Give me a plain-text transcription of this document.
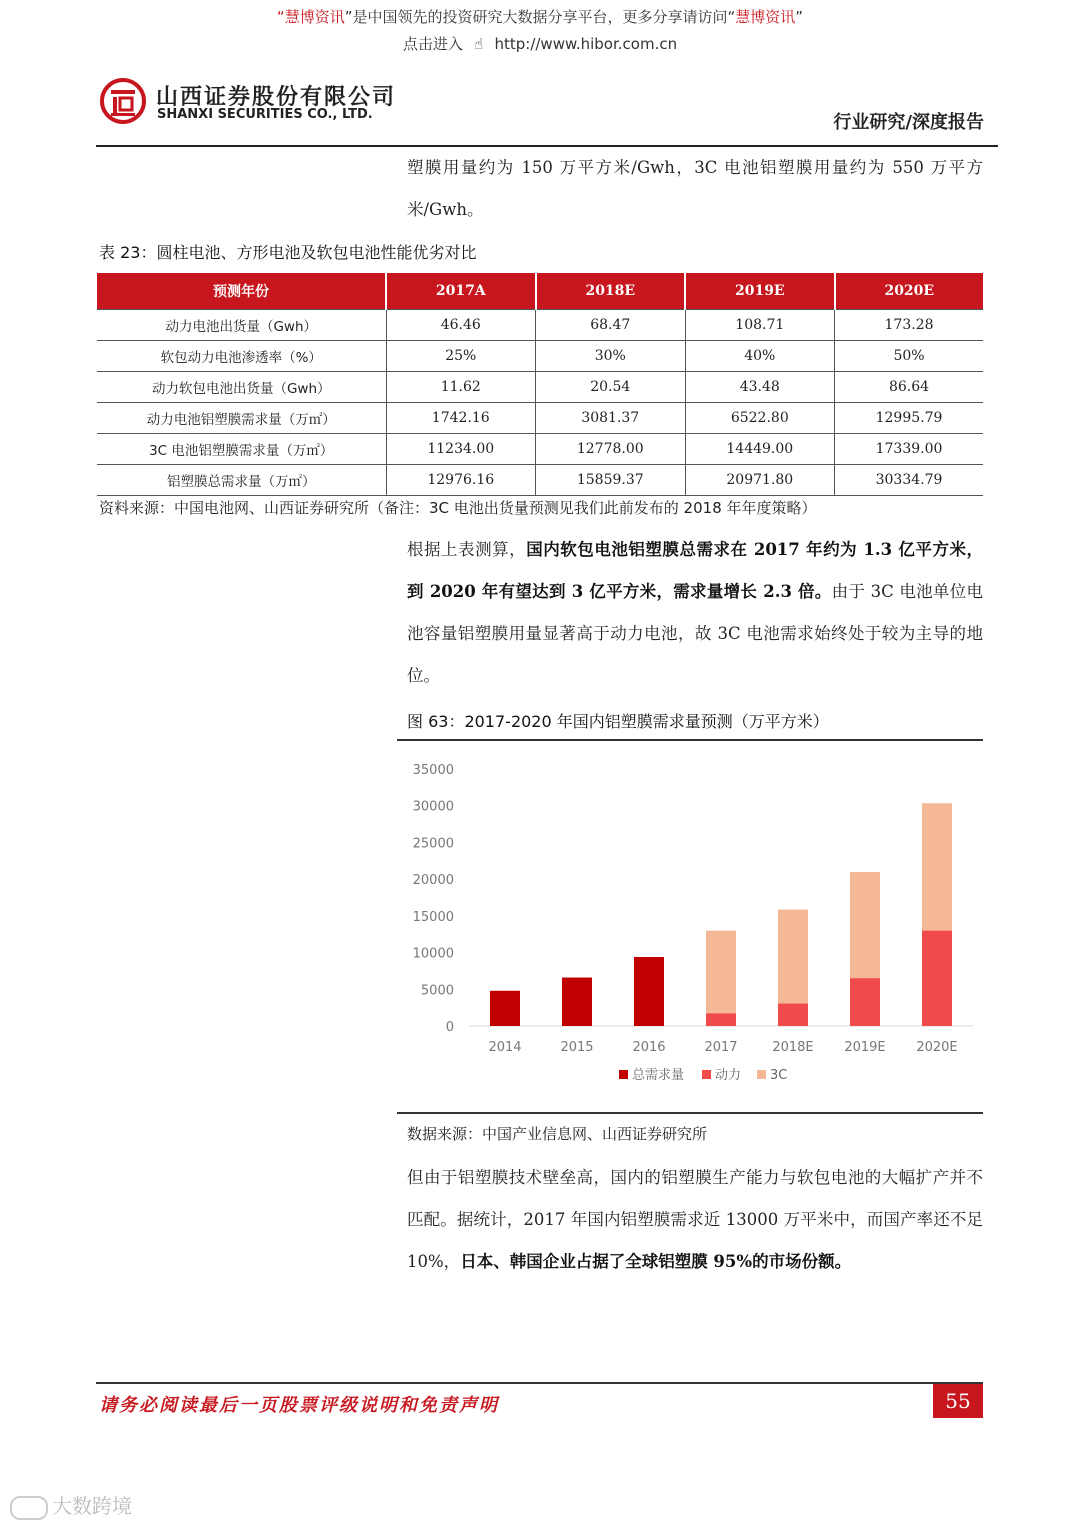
“慧博资讯”是中国领先的投资研究大数据分享平台，更多分享请访问“慧博资讯”
点击进入 ☝ http://www.hibor.com.cn
山西证券股份有限公司
SHANXI SECURITIES CO., LTD.	行业研究/深度报告
塑膜用量约为 150 万平方米/Gwh，3C 电池铝塑膜用量约为 550 万平方米/Gwh。
表 23：圆柱电池、方形电池及软包电池性能优劣对比
预测年份	2017A	2018E	2019E	2020E
动力电池出货量（Gwh）	46.46	68.47	108.71	173.28
软包动力电池渗透率（%）	25%	30%	40%	50%
动力软包电池出货量（Gwh）	11.62	20.54	43.48	86.64
动力电池铝塑膜需求量（万㎡）	1742.16	3081.37	6522.80	12995.79
3C 电池铝塑膜需求量（万㎡）	11234.00	12778.00	14449.00	17339.00
铝塑膜总需求量（万㎡）	12976.16	15859.37	20971.80	30334.79
资料来源：中国电池网、山西证券研究所（备注：3C 电池出货量预测见我们此前发布的 2018 年年度策略）
根据上表测算，国内软包电池铝塑膜总需求在 2017 年约为 1.3 亿平方米，到 2020 年有望达到 3 亿平方米，需求量增长 2.3 倍。由于 3C 电池单位电池容量铝塑膜用量显著高于动力电池，故 3C 电池需求始终处于较为主导的地位。
图 63：2017-2020 年国内铝塑膜需求量预测（万平方米）
35000
30000
25000
20000
15000
10000
5000
0
2014	2015	2016	2017	2018E 2019E 2020E
总需求量 动力 3C
数据来源：中国产业信息网、山西证券研究所
但由于铝塑膜技术壁垒高，国内的铝塑膜生产能力与软包电池的大幅扩产并不匹配。据统计，2017 年国内铝塑膜需求近 13000 万平米中，而国产率还不足 10%，日本、韩国企业占据了全球铝塑膜 95%的市场份额。
请务必阅读最后一页股票评级说明和免责声明	55
大数跨境
